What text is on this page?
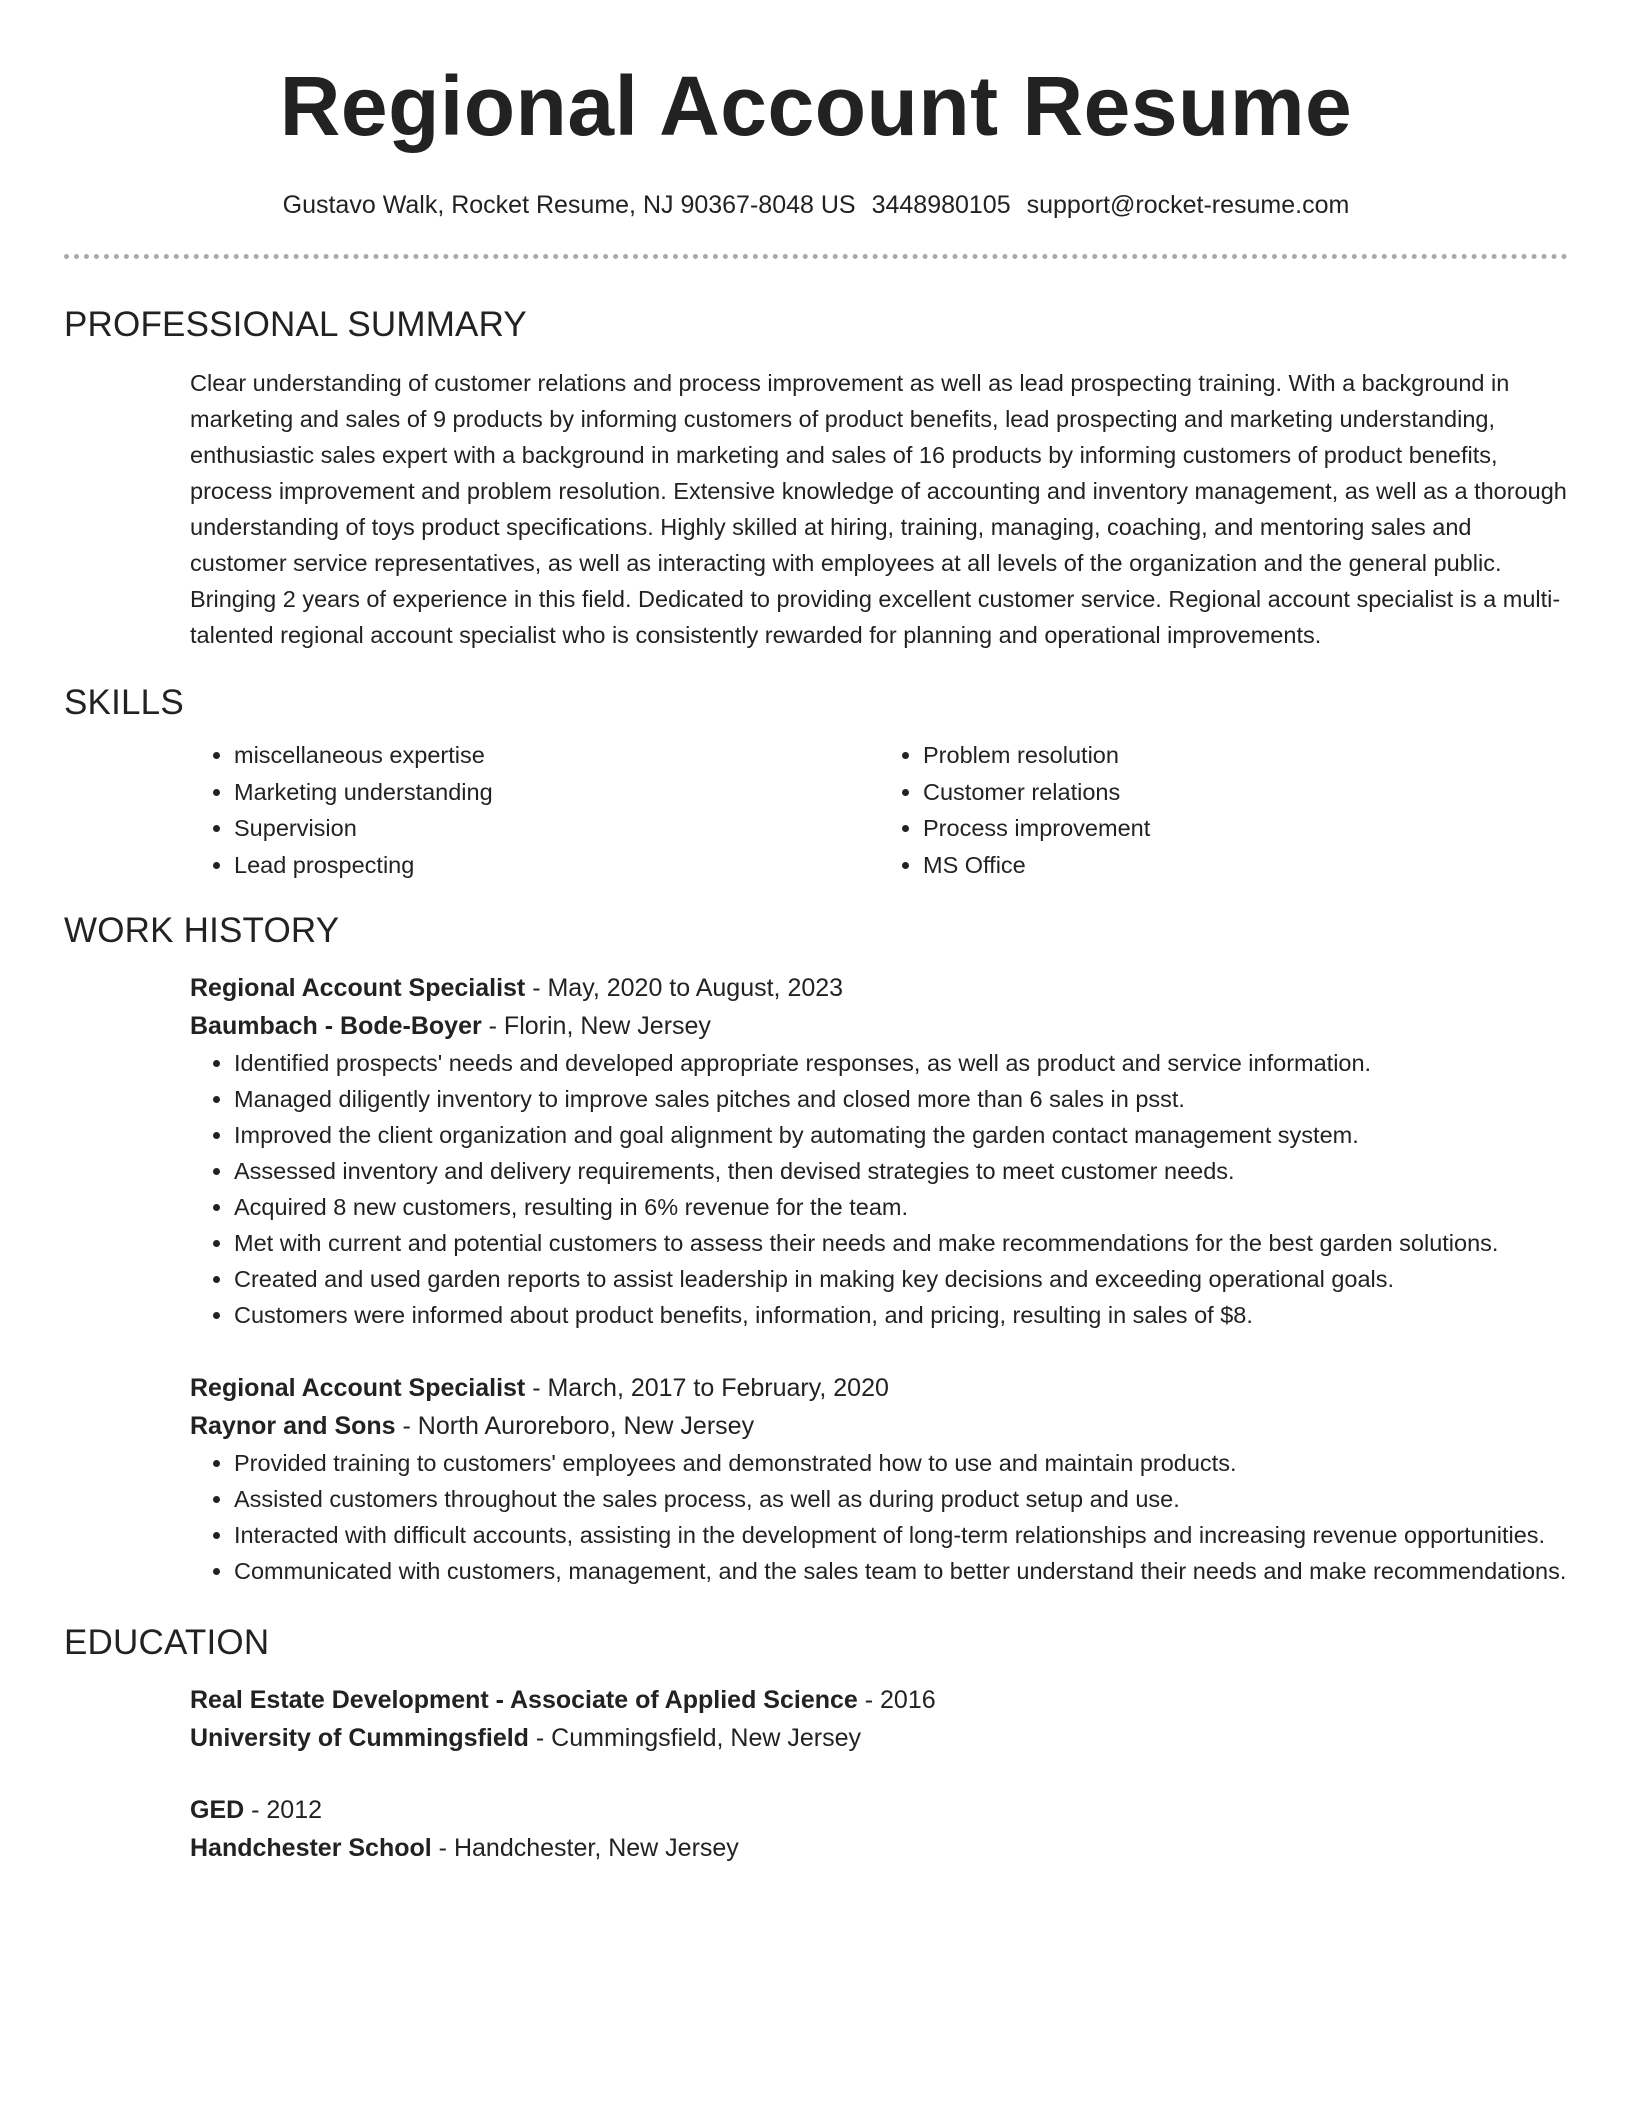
Regional Account Resume
Gustavo Walk, Rocket Resume, NJ 90367-8048 US 3448980105 support@rocket-resume.com
PROFESSIONAL SUMMARY
Clear understanding of customer relations and process improvement as well as lead prospecting training. With a background in marketing and sales of 9 products by informing customers of product benefits, lead prospecting and marketing understanding, enthusiastic sales expert with a background in marketing and sales of 16 products by informing customers of product benefits, process improvement and problem resolution. Extensive knowledge of accounting and inventory management, as well as a thorough understanding of toys product specifications. Highly skilled at hiring, training, managing, coaching, and mentoring sales and customer service representatives, as well as interacting with employees at all levels of the organization and the general public. Bringing 2 years of experience in this field. Dedicated to providing excellent customer service. Regional account specialist is a multi-talented regional account specialist who is consistently rewarded for planning and operational improvements.
SKILLS
• miscellaneous expertise
• Marketing understanding
• Supervision
• Lead prospecting
• Problem resolution
• Customer relations
• Process improvement
• MS Office
WORK HISTORY
Regional Account Specialist - May, 2020 to August, 2023
Baumbach - Bode-Boyer - Florin, New Jersey
• Identified prospects' needs and developed appropriate responses, as well as product and service information.
• Managed diligently inventory to improve sales pitches and closed more than 6 sales in psst.
• Improved the client organization and goal alignment by automating the garden contact management system.
• Assessed inventory and delivery requirements, then devised strategies to meet customer needs.
• Acquired 8 new customers, resulting in 6% revenue for the team.
• Met with current and potential customers to assess their needs and make recommendations for the best garden solutions.
• Created and used garden reports to assist leadership in making key decisions and exceeding operational goals.
• Customers were informed about product benefits, information, and pricing, resulting in sales of $8.
Regional Account Specialist - March, 2017 to February, 2020
Raynor and Sons - North Auroreboro, New Jersey
• Provided training to customers' employees and demonstrated how to use and maintain products.
• Assisted customers throughout the sales process, as well as during product setup and use.
• Interacted with difficult accounts, assisting in the development of long-term relationships and increasing revenue opportunities.
• Communicated with customers, management, and the sales team to better understand their needs and make recommendations.
EDUCATION
Real Estate Development - Associate of Applied Science - 2016
University of Cummingsfield - Cummingsfield, New Jersey
GED - 2012
Handchester School - Handchester, New Jersey
